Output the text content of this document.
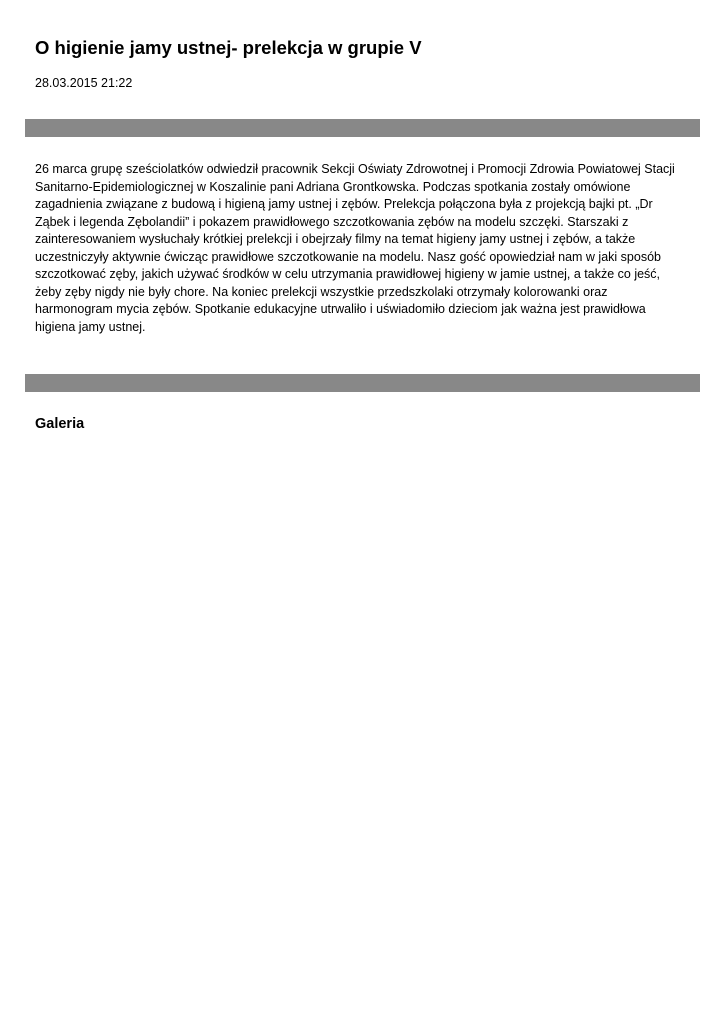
O higienie jamy ustnej- prelekcja w grupie V
28.03.2015 21:22
26 marca grupę sześciolatków odwiedził pracownik Sekcji Oświaty Zdrowotnej i Promocji Zdrowia Powiatowej Stacji
Sanitarno-Epidemiologicznej w Koszalinie pani Adriana Grontkowska. Podczas spotkania zostały omówione
zagadnienia związane z budową i higieną jamy ustnej i zębów. Prelekcja połączona była z projekcją bajki pt. „Dr
Ząbek i legenda Zębolandii” i pokazem prawidłowego szczotkowania zębów na modelu szczęki. Starszaki z
zainteresowaniem wysłuchały krótkiej prelekcji i obejrzały filmy na temat higieny jamy ustnej i zębów, a także
uczestniczyły aktywnie ćwicząc prawidłowe szczotkowanie na modelu. Nasz gość opowiedział nam w jaki sposób
szczotkować zęby, jakich używać środków w celu utrzymania prawidłowej higieny w jamie ustnej, a także co jeść,
żeby zęby nigdy nie były chore. Na koniec prelekcji wszystkie przedszkolaki otrzymały kolorowanki oraz
harmonogram mycia zębów. Spotkanie edukacyjne utrwaliło i uświadomiło dzieciom jak ważna jest prawidłowa
higiena jamy ustnej.
Galeria
